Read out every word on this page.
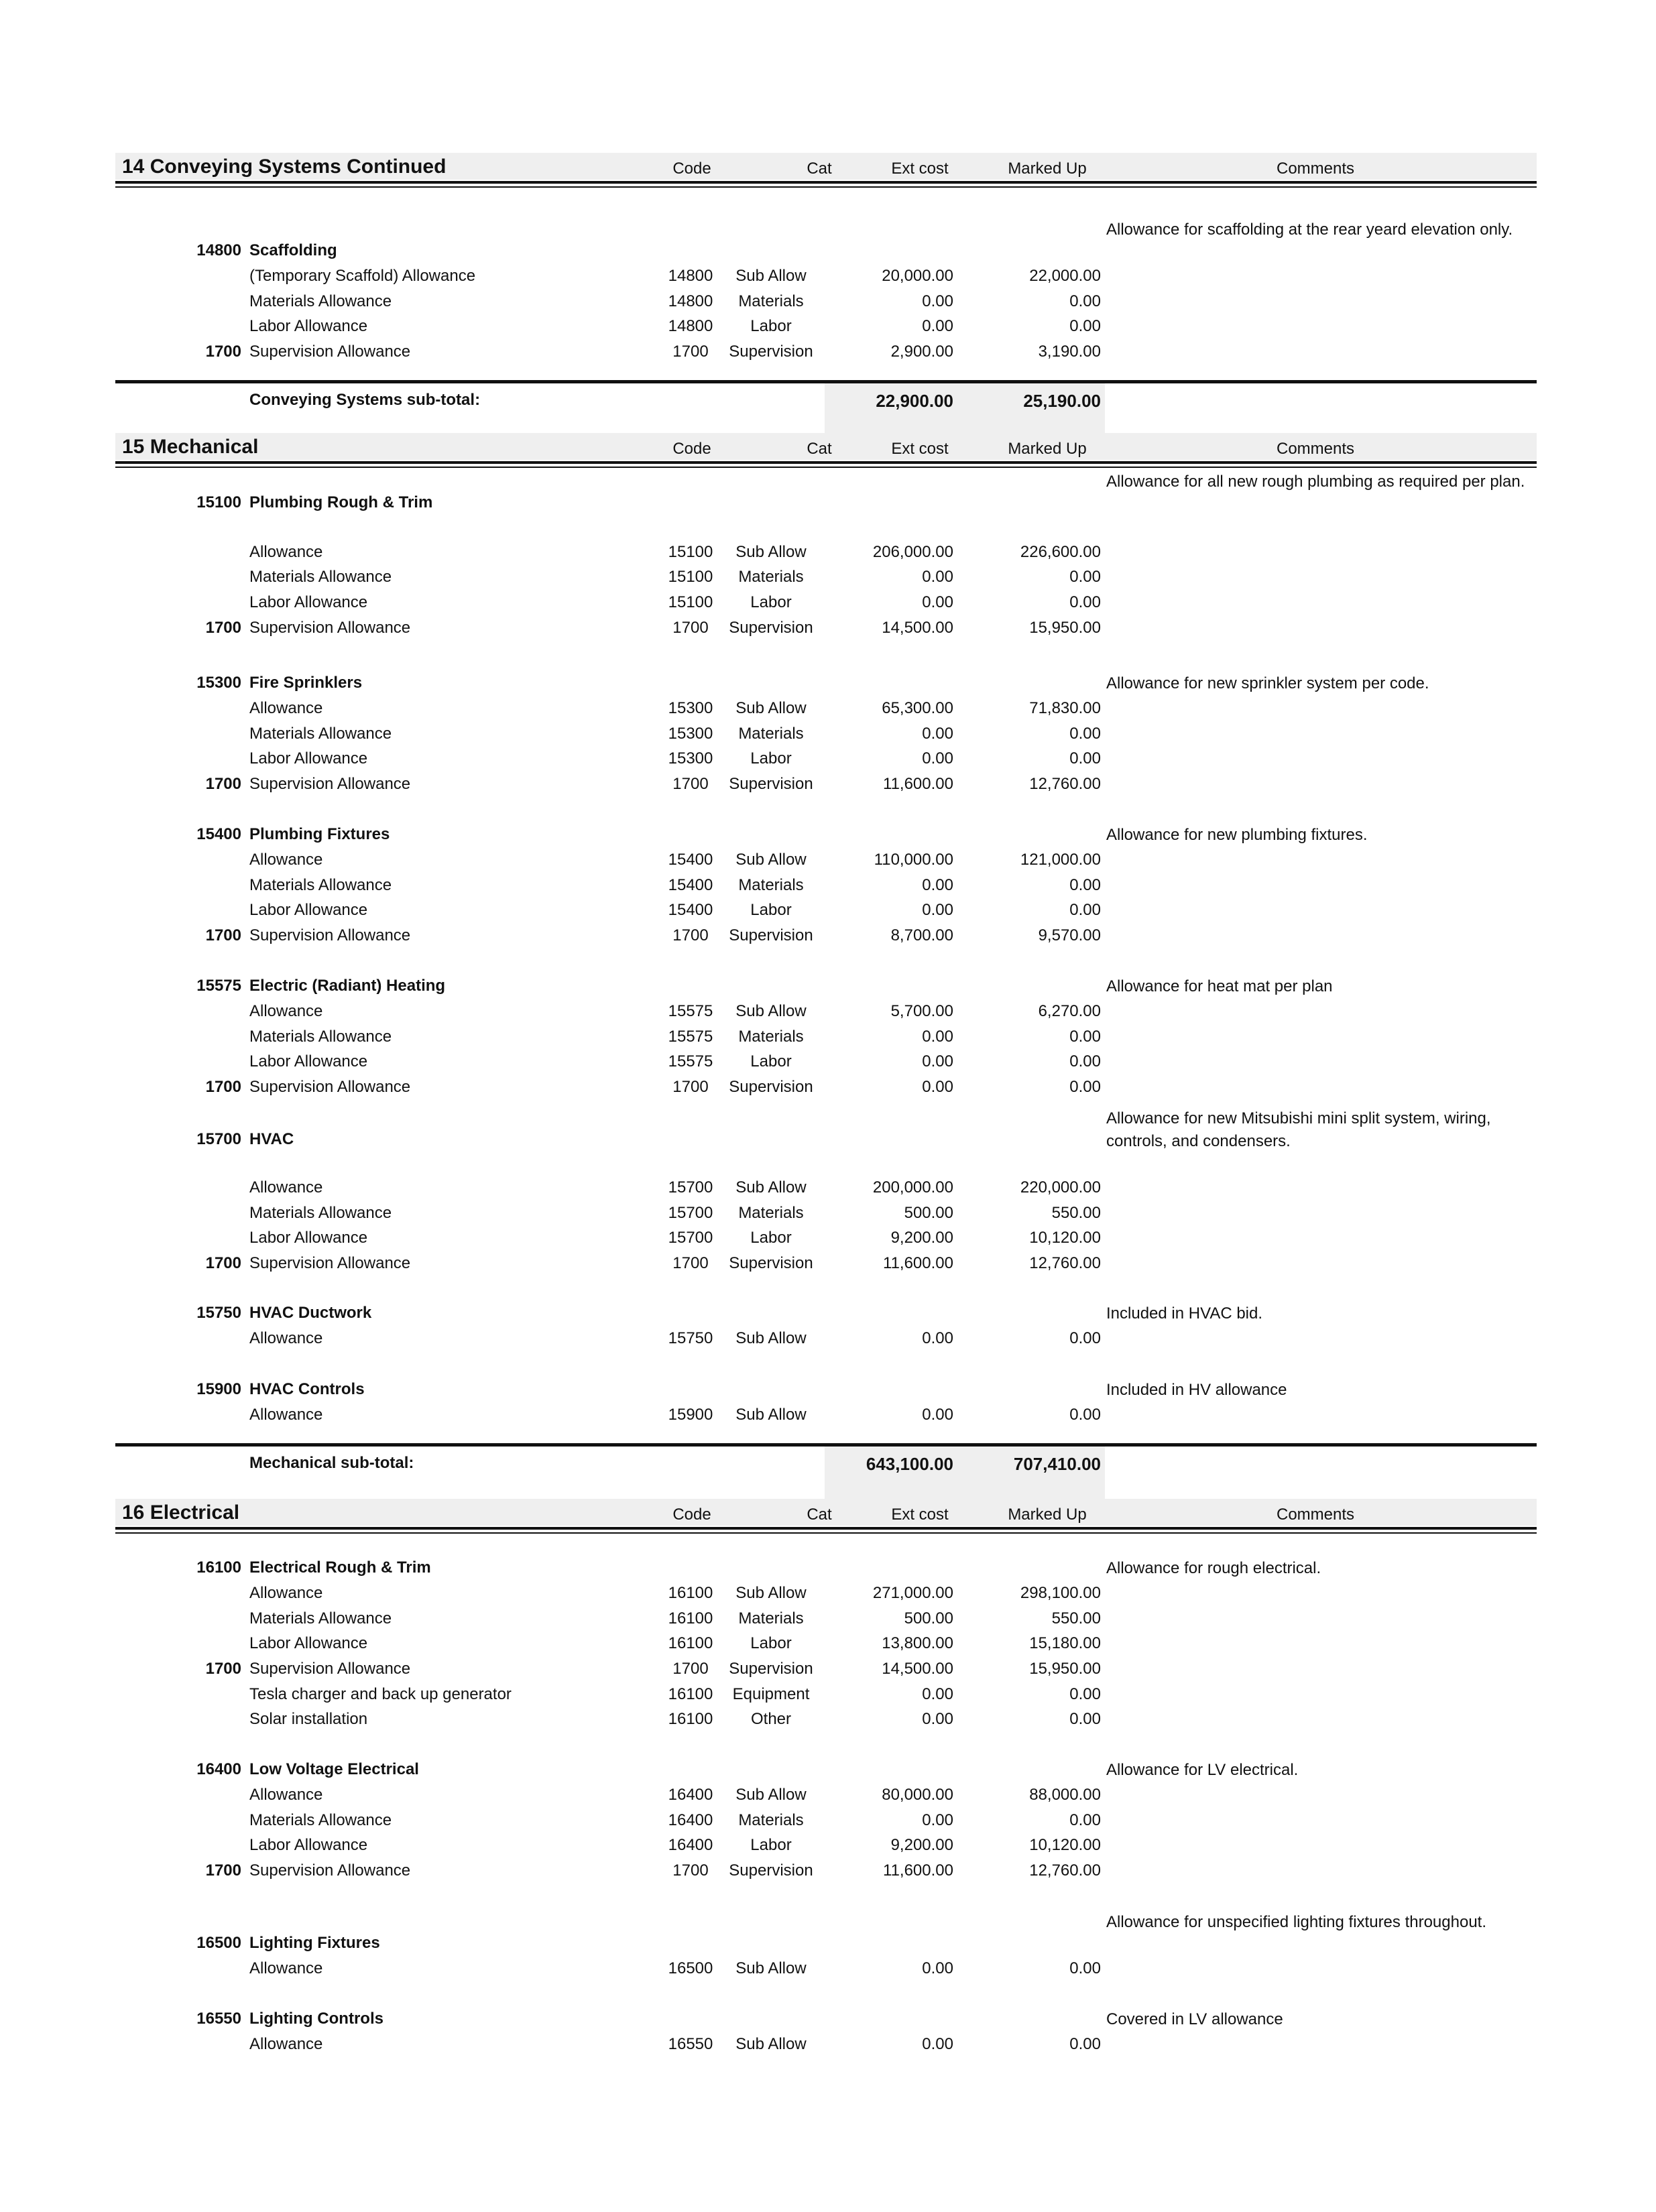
14 Conveying Systems Continued	Code	Cat	Ext cost	Marked Up	Comments
14800 Scaffolding
Allowance for scaffolding at the rear yeard elevation only.
(Temporary Scaffold) Allowance	14800	Sub Allow	20,000.00	22,000.00
Materials Allowance	14800	Materials	0.00	0.00
Labor Allowance	14800	Labor	0.00	0.00
1700 Supervision Allowance	1700	Supervision	2,900.00	3,190.00
Conveying Systems sub-total:	22,900.00	25,190.00
15 Mechanical	Code	Cat	Ext cost	Marked Up	Comments
15100 Plumbing Rough & Trim
Allowance for all new rough plumbing as required per plan.
Allowance	15100	Sub Allow	206,000.00	226,600.00
Materials Allowance	15100	Materials	0.00	0.00
Labor Allowance	15100	Labor	0.00	0.00
1700 Supervision Allowance	1700	Supervision	14,500.00	15,950.00
15300 Fire Sprinklers	Allowance for new sprinkler system per code.
Allowance	15300	Sub Allow	65,300.00	71,830.00
Materials Allowance	15300	Materials	0.00	0.00
Labor Allowance	15300	Labor	0.00	0.00
1700 Supervision Allowance	1700	Supervision	11,600.00	12,760.00
15400 Plumbing Fixtures	Allowance for new plumbing fixtures.
Allowance	15400	Sub Allow	110,000.00	121,000.00
Materials Allowance	15400	Materials	0.00	0.00
Labor Allowance	15400	Labor	0.00	0.00
1700 Supervision Allowance	1700	Supervision	8,700.00	9,570.00
15575 Electric (Radiant) Heating	Allowance for heat mat per plan
Allowance	15575	Sub Allow	5,700.00	6,270.00
Materials Allowance	15575	Materials	0.00	0.00
Labor Allowance	15575	Labor	0.00	0.00
1700 Supervision Allowance	1700	Supervision	0.00	0.00
15700 HVAC
Allowance for new Mitsubishi mini split system, wiring, controls, and condensers.
Allowance	15700	Sub Allow	200,000.00	220,000.00
Materials Allowance	15700	Materials	500.00	550.00
Labor Allowance	15700	Labor	9,200.00	10,120.00
1700 Supervision Allowance	1700	Supervision	11,600.00	12,760.00
15750 HVAC Ductwork	Included in HVAC bid.
Allowance	15750	Sub Allow	0.00	0.00
15900 HVAC Controls	Included in HV allowance
Allowance	15900	Sub Allow	0.00	0.00
Mechanical sub-total:	643,100.00	707,410.00
16 Electrical	Code	Cat	Ext cost	Marked Up	Comments
16100 Electrical Rough & Trim	Allowance for rough electrical.
Allowance	16100	Sub Allow	271,000.00	298,100.00
Materials Allowance	16100	Materials	500.00	550.00
Labor Allowance	16100	Labor	13,800.00	15,180.00
1700 Supervision Allowance	1700	Supervision	14,500.00	15,950.00
Tesla charger and back up generator	16100	Equipment	0.00	0.00
Solar installation	16100	Other	0.00	0.00
16400 Low Voltage Electrical	Allowance for LV electrical.
Allowance	16400	Sub Allow	80,000.00	88,000.00
Materials Allowance	16400	Materials	0.00	0.00
Labor Allowance	16400	Labor	9,200.00	10,120.00
1700 Supervision Allowance	1700	Supervision	11,600.00	12,760.00
16500 Lighting Fixtures
Allowance for unspecified lighting fixtures throughout.
Allowance	16500	Sub Allow	0.00	0.00
16550 Lighting Controls	Covered in LV allowance
Allowance	16550	Sub Allow	0.00	0.00
